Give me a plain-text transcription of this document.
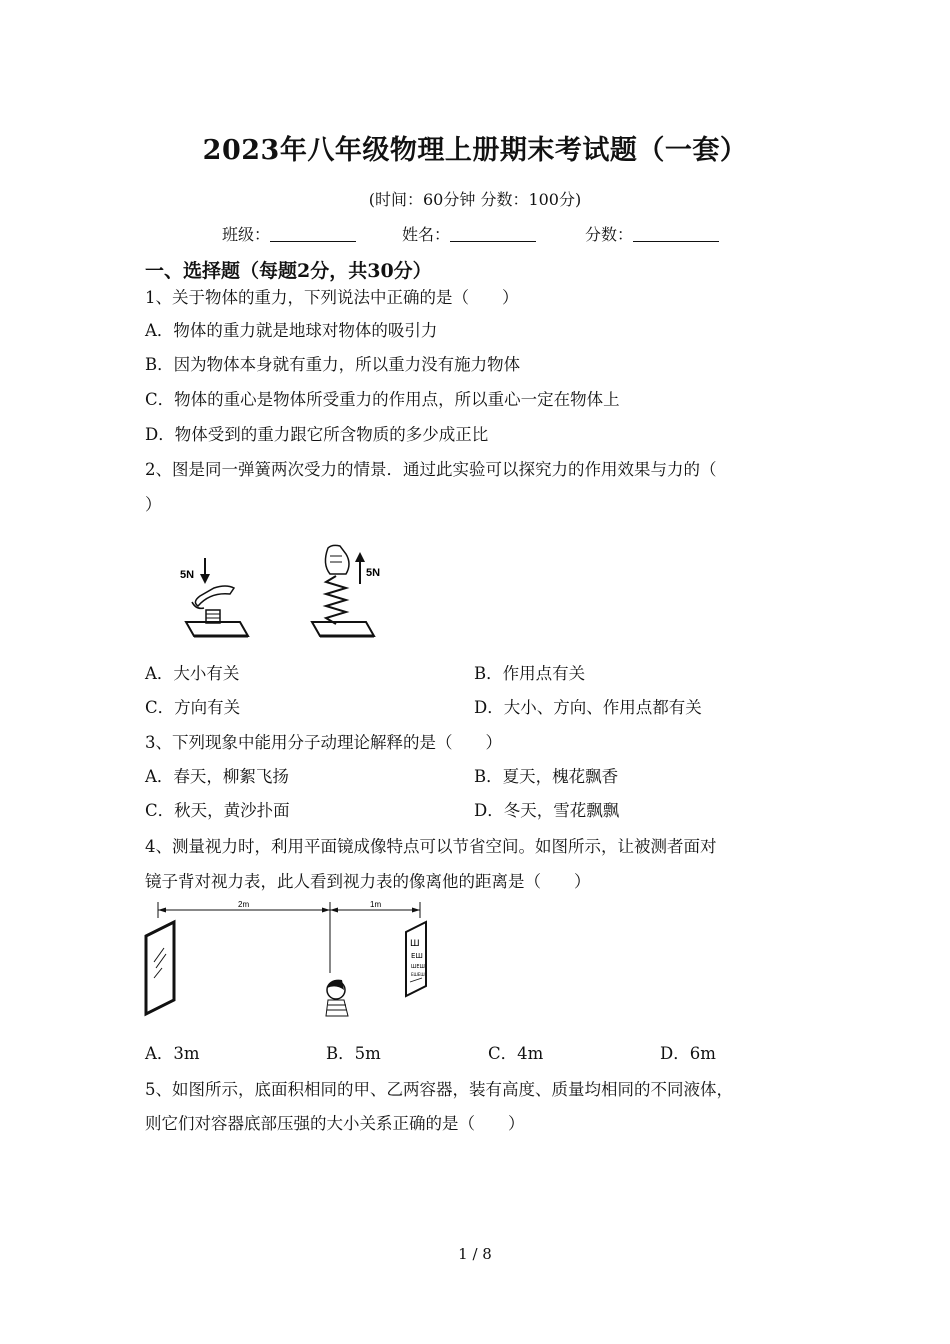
2023年八年级物理上册期末考试题（一套）
(时间：60分钟 分数：100分)
班级：	姓名：	分数：
一、选择题（每题2分，共30分）
1、关于物体的重力，下列说法中正确的是（　　）
A．物体的重力就是地球对物体的吸引力
B．因为物体本身就有重力，所以重力没有施力物体
C．物体的重心是物体所受重力的作用点，所以重心一定在物体上
D．物体受到的重力跟它所含物质的多少成正比
2、图是同一弹簧两次受力的情景．通过此实验可以探究力的作用效果与力的（
）
5N	5N
A．大小有关	B．作用点有关
C．方向有关	D．大小、方向、作用点都有关
3、下列现象中能用分子动理论解释的是（　　）
A．春天，柳絮飞扬	B．夏天，槐花飘香
C．秋天，黄沙扑面	D．冬天，雪花飘飘
4、测量视力时，利用平面镜成像特点可以节省空间。如图所示，让被测者面对
镜子背对视力表，此人看到视力表的像离他的距离是（　　）
2m	1m
Ш
ЕШ
ШЕШ
ЕШЕШ
A．3m	B．5m	C．4m	D．6m
5、如图所示，底面积相同的甲、乙两容器，装有高度、质量均相同的不同液体，
则它们对容器底部压强的大小关系正确的是（　　）
1 / 8
